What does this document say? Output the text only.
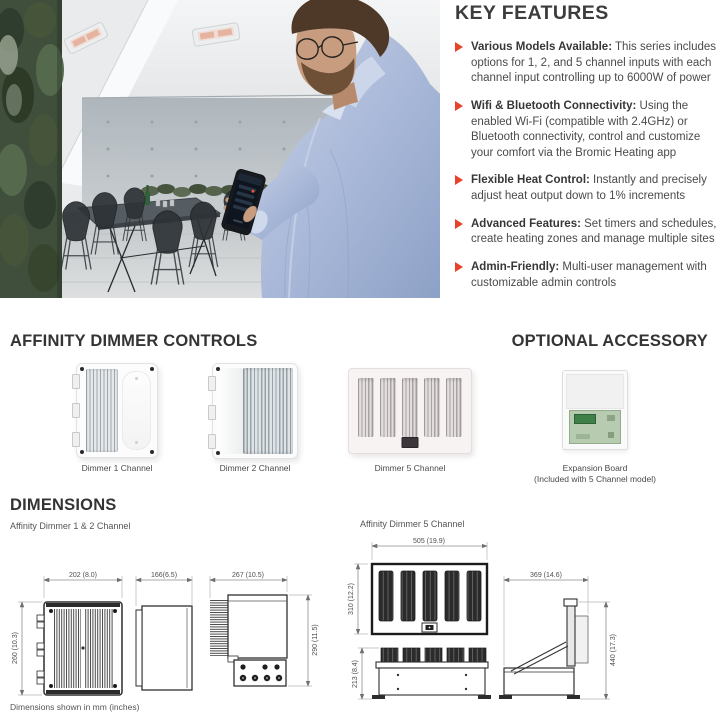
KEY FEATURES
Various Models Available: This series includes options for 1, 2, and 5 channel inputs with each channel input controlling up to 6000W of power
Wifi & Bluetooth Connectivity: Using the enabled Wi-Fi (compatible with 2.4GHz) or Bluetooth connectivity, control and customize your comfort via the Bromic Heating app
Flexible Heat Control: Instantly and precisely adjust heat output down to 1% increments
Advanced Features: Set timers and schedules, create heating zones and manage multiple sites
Admin-Friendly: Multi-user management with customizable admin controls
AFFINITY DIMMER CONTROLS	OPTIONAL ACCESSORY
Dimmer 1 Channel	Dimmer 2 Channel	Dimmer 5 Channel	Expansion Board
(Included with 5 Channel model)
DIMENSIONS
Affinity Dimmer 1 & 2 Channel	Affinity Dimmer 5 Channel
202 (8.0)
260 (10.3)
166(6.5)	267 (10.5)
290 (11.5)
505 (19.9)
310 (12.2)
213 (8.4)
369 (14.6)
440 (17.3)
Dimensions shown in mm (inches)
